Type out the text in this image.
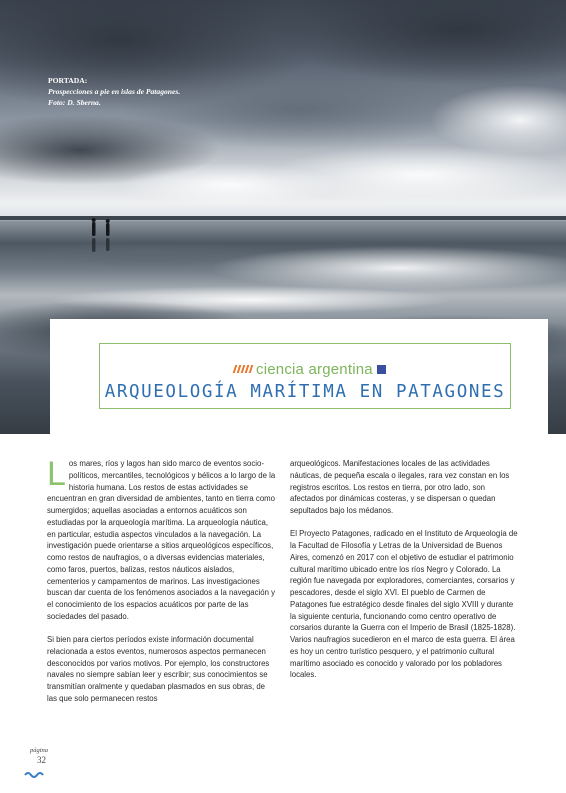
PORTADA:
Prospecciones a pie en islas de Patagones.
Foto: D. Sberna.
ciencia argentina
ARQUEOLOGÍA MARÍTIMA EN PATAGONES

Los mares, ríos y lagos han sido marco de eventos socio-políticos, mercantiles, tecnológicos y bélicos a lo largo de la historia humana. Los restos de estas actividades se encuentran en gran diversidad de ambientes, tanto en tierra como sumergidos; aquellas asociadas a entornos acuáticos son estudiadas por la arqueología marítima. La arqueología náutica, en particular, estudia aspectos vinculados a la navegación. La investigación puede orientarse a sitios arqueológicos específicos, como restos de naufragios, o a diversas evidencias materiales, como faros, puertos, balizas, restos náuticos aislados, cementerios y campamentos de marinos. Las investigaciones buscan dar cuenta de los fenómenos asociados a la navegación y el conocimiento de los espacios acuáticos por parte de las sociedades del pasado.

Si bien para ciertos períodos existe información documental relacionada a estos eventos, numerosos aspectos permanecen desconocidos por varios motivos. Por ejemplo, los constructores navales no siempre sabían leer y escribir; sus conocimientos se transmitían oralmente y quedaban plasmados en sus obras, de las que solo permanecen restos

arqueológicos. Manifestaciones locales de las actividades náuticas, de pequeña escala o ilegales, rara vez constan en los registros escritos. Los restos en tierra, por otro lado, son afectados por dinámicas costeras, y se dispersan o quedan sepultados bajo los médanos.

El Proyecto Patagones, radicado en el Instituto de Arqueología de la Facultad de Filosofía y Letras de la Universidad de Buenos Aires, comenzó en 2017 con el objetivo de estudiar el patrimonio cultural marítimo ubicado entre los ríos Negro y Colorado. La región fue navegada por exploradores, comerciantes, corsarios y pescadores, desde el siglo XVI. El pueblo de Carmen de Patagones fue estratégico desde finales del siglo XVIII y durante la siguiente centuria, funcionando como centro operativo de corsarios durante la Guerra con el Imperio de Brasil (1825-1828). Varios naufragios sucedieron en el marco de esta guerra. El área es hoy un centro turístico pesquero, y el patrimonio cultural marítimo asociado es conocido y valorado por los pobladores locales.

página
32
